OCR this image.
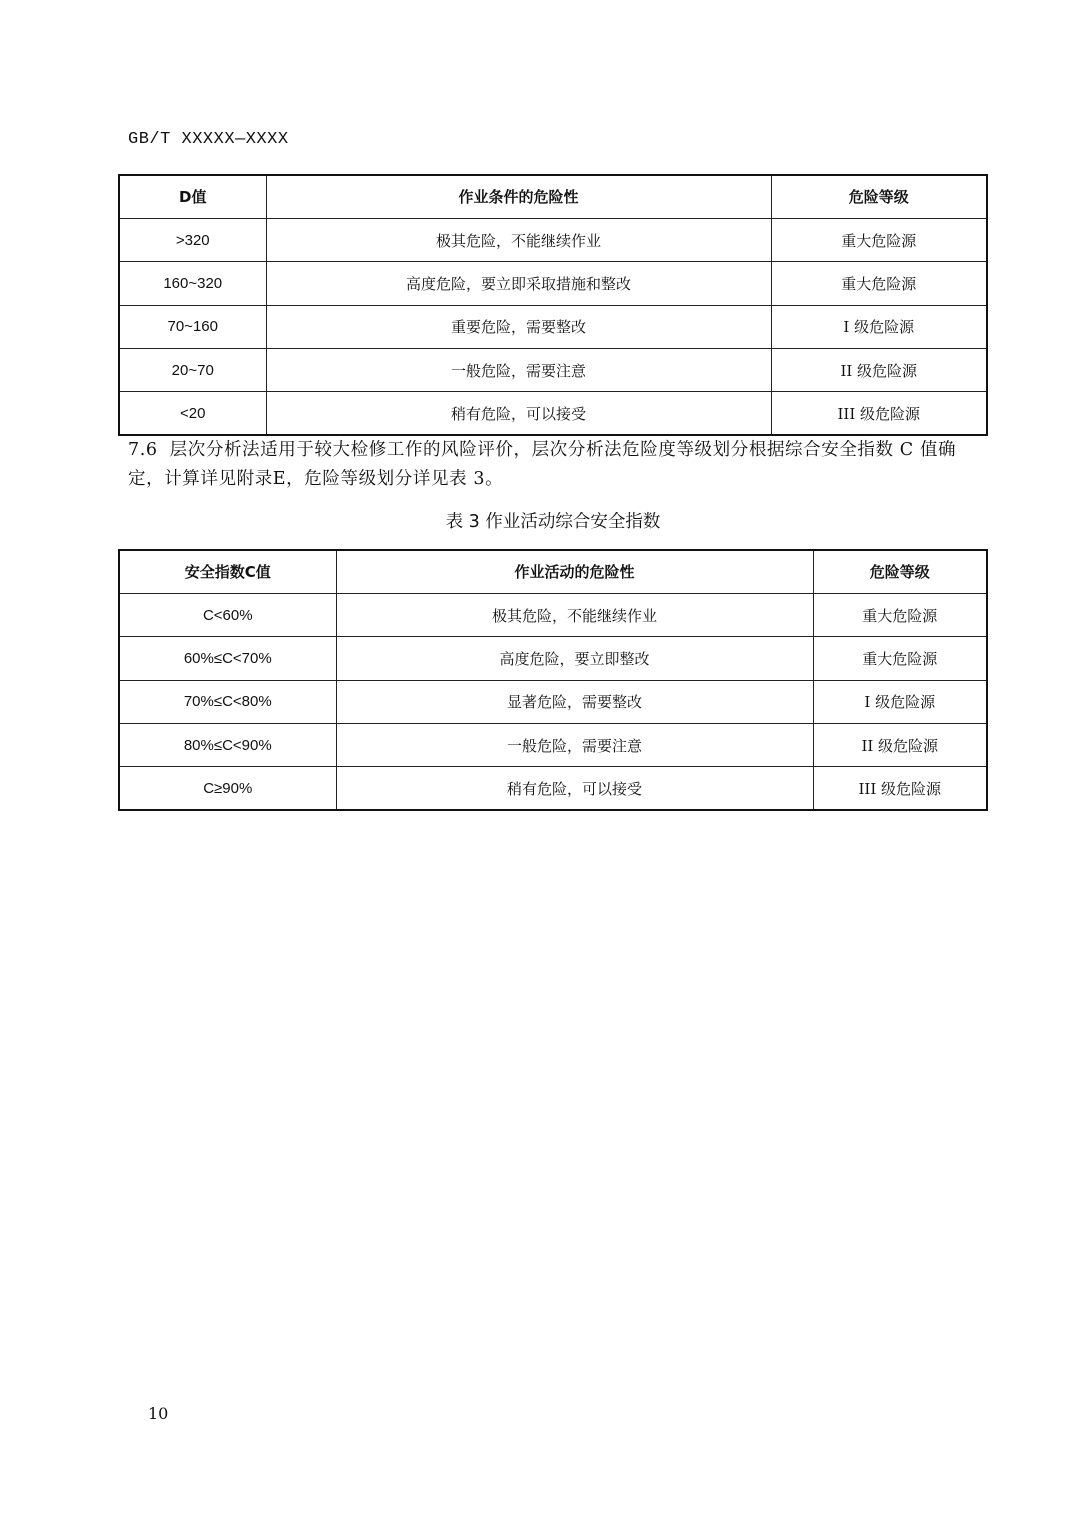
GB/T XXXXX—XXXX
D值	作业条件的危险性	危险等级
>320	极其危险，不能继续作业	重大危险源
160~320	高度危险，要立即采取措施和整改	重大危险源
70~160	重要危险，需要整改	I 级危险源
20~70	一般危险，需要注意	II 级危险源
<20	稍有危险，可以接受	III 级危险源
7.6 层次分析法适用于较大检修工作的风险评价，层次分析法危险度等级划分根据综合安全指数 C 值确定，计算详见附录E，危险等级划分详见表 3。
表 3 作业活动综合安全指数
安全指数C值	作业活动的危险性	危险等级
C<60%	极其危险，不能继续作业	重大危险源
60%≤C<70%	高度危险，要立即整改	重大危险源
70%≤C<80%	显著危险，需要整改	I 级危险源
80%≤C<90%	一般危险，需要注意	II 级危险源
C≥90%	稍有危险，可以接受	III 级危险源
10
